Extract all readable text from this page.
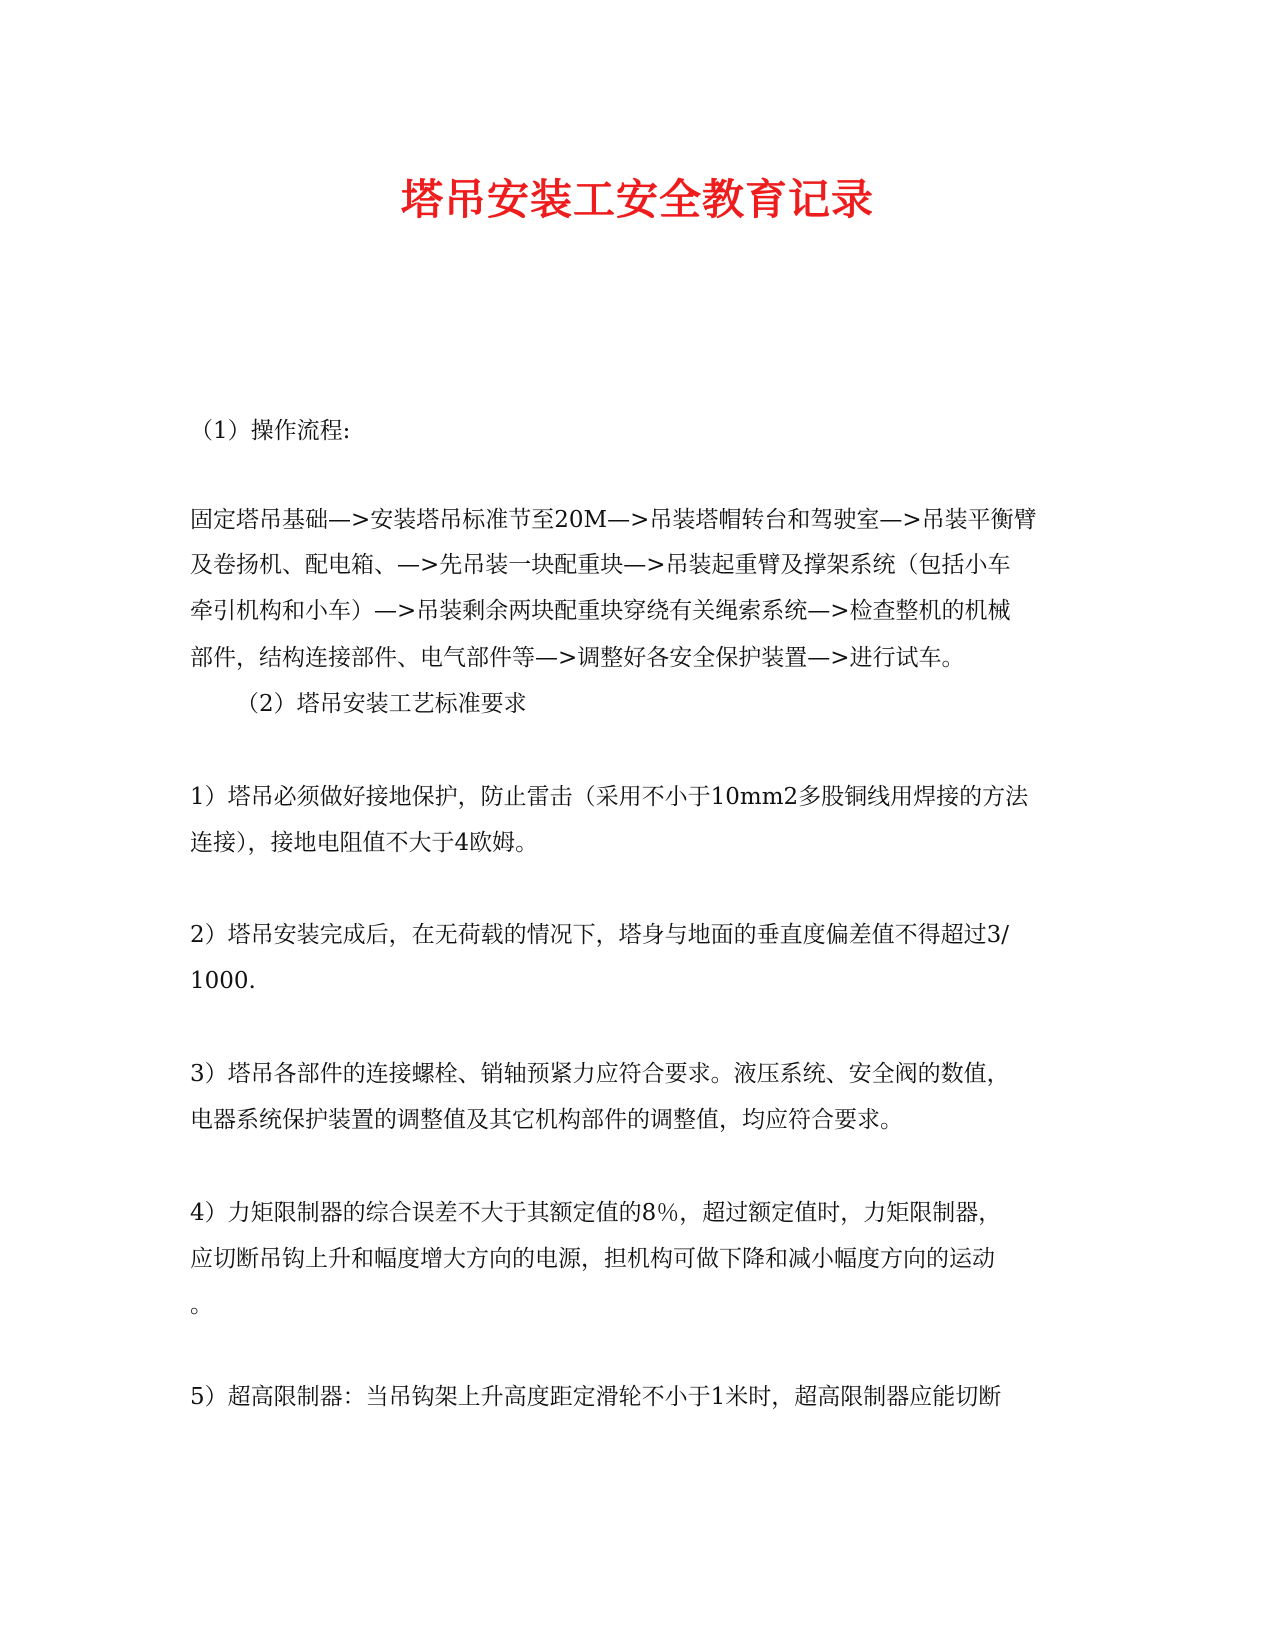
塔吊安装工安全教育记录
（1）操作流程:
固定塔吊基础—>安装塔吊标准节至20M—>吊装塔帽转台和驾驶室—>吊装平衡臂
及卷扬机、配电箱、—>先吊装一块配重块—>吊装起重臂及撑架系统（包括小车
牵引机构和小车）—>吊装剩余两块配重块穿绕有关绳索系统—>检查整机的机械
部件，结构连接部件、电气部件等—>调整好各安全保护装置—>进行试车。
（2）塔吊安装工艺标准要求
1）塔吊必须做好接地保护，防止雷击（采用不小于10mm2多股铜线用焊接的方法
连接），接地电阻值不大于4欧姆。
2）塔吊安装完成后，在无荷载的情况下，塔身与地面的垂直度偏差值不得超过3/
1000.
3）塔吊各部件的连接螺栓、销轴预紧力应符合要求。液压系统、安全阀的数值，
电器系统保护装置的调整值及其它机构部件的调整值，均应符合要求。
4）力矩限制器的综合误差不大于其额定值的8％，超过额定值时，力矩限制器，
应切断吊钩上升和幅度增大方向的电源，担机构可做下降和减小幅度方向的运动
。
5）超高限制器：当吊钩架上升高度距定滑轮不小于1米时，超高限制器应能切断
